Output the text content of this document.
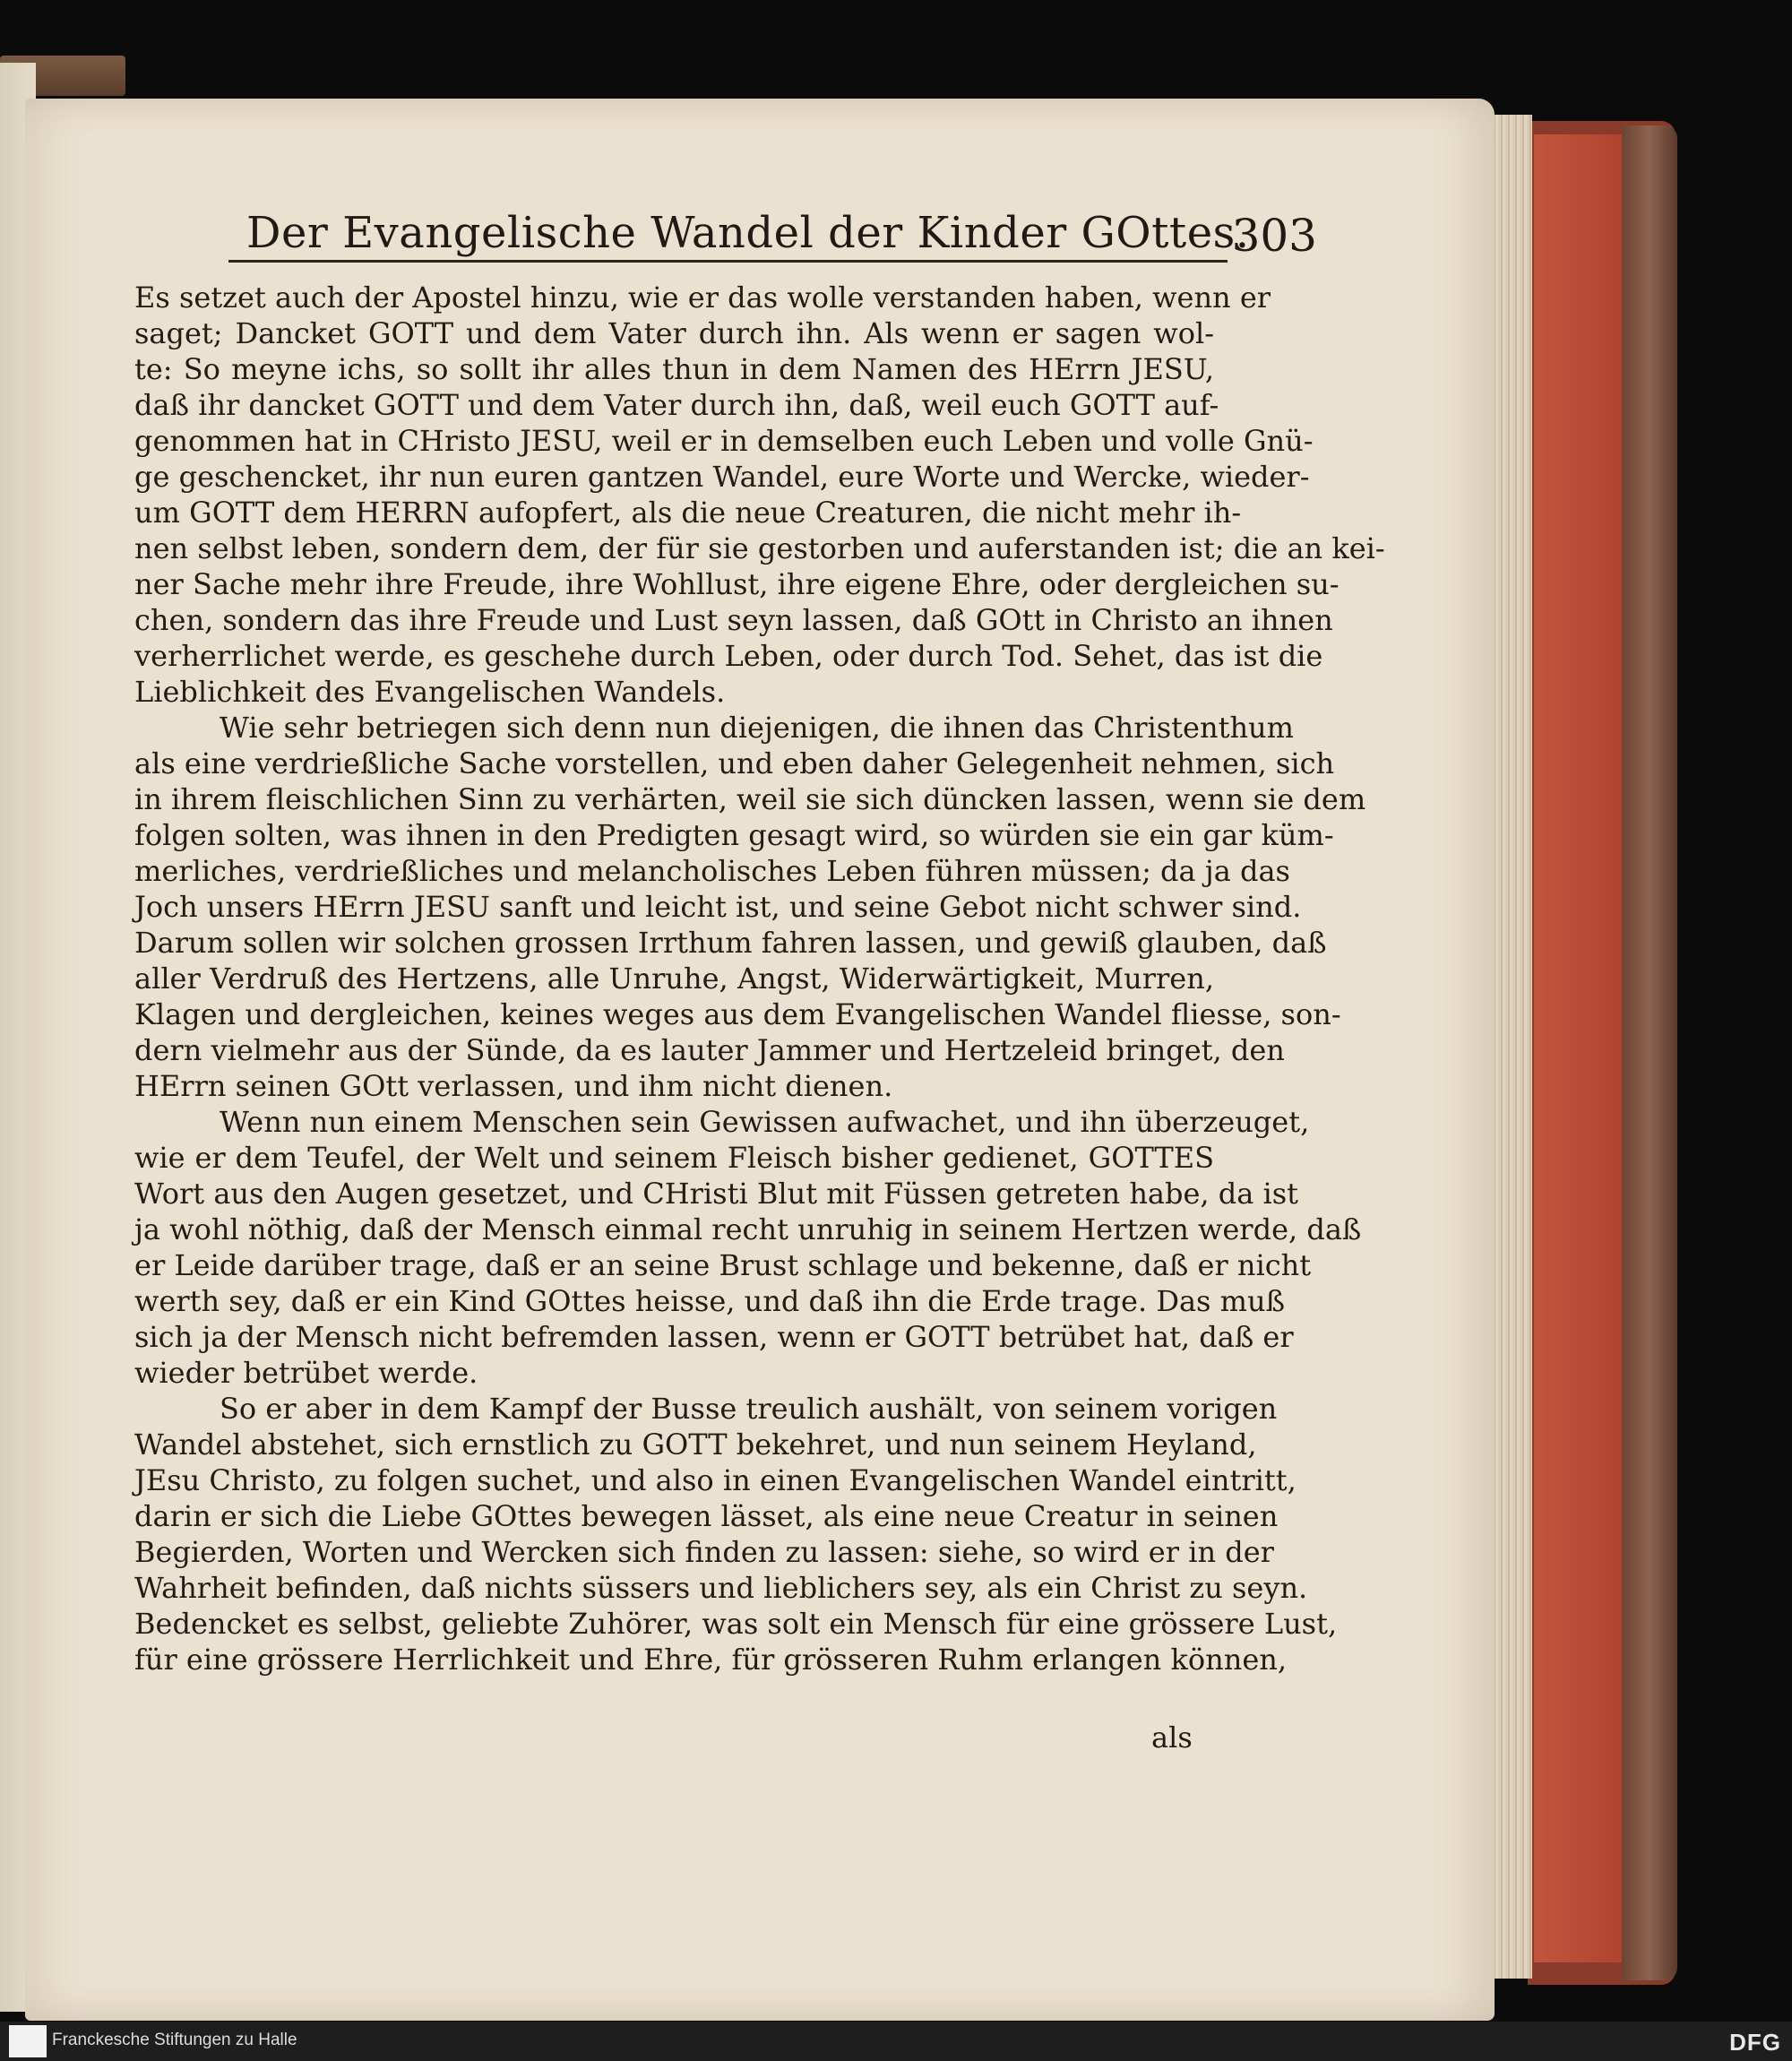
Der Evangelische Wandel der Kinder GOttes.
303
Es setzet auch der Apostel hinzu, wie er das wolle verstanden haben, wenn er
saget; Dancket GOTT und dem Vater durch ihn. Als wenn er sagen wol-
te: So meyne ichs, so sollt ihr alles thun in dem Namen des HErrn JESU,
daß ihr dancket GOTT und dem Vater durch ihn, daß, weil euch GOTT auf-
genommen hat in CHristo JESU, weil er in demselben euch Leben und volle Gnü-
ge geschencket, ihr nun euren gantzen Wandel, eure Worte und Wercke, wieder-
um GOTT dem HERRN aufopfert, als die neue Creaturen, die nicht mehr ih-
nen selbst leben, sondern dem, der für sie gestorben und auferstanden ist; die an kei-
ner Sache mehr ihre Freude, ihre Wohllust, ihre eigene Ehre, oder dergleichen su-
chen, sondern das ihre Freude und Lust seyn lassen, daß GOtt in Christo an ihnen
verherrlichet werde, es geschehe durch Leben, oder durch Tod. Sehet, das ist die
Lieblichkeit des Evangelischen Wandels.
Wie sehr betriegen sich denn nun diejenigen, die ihnen das Christenthum
als eine verdrießliche Sache vorstellen, und eben daher Gelegenheit nehmen, sich
in ihrem fleischlichen Sinn zu verhärten, weil sie sich düncken lassen, wenn sie dem
folgen solten, was ihnen in den Predigten gesagt wird, so würden sie ein gar küm-
merliches, verdrießliches und melancholisches Leben führen müssen; da ja das
Joch unsers HErrn JESU sanft und leicht ist, und seine Gebot nicht schwer sind.
Darum sollen wir solchen grossen Irrthum fahren lassen, und gewiß glauben, daß
aller Verdruß des Hertzens, alle Unruhe, Angst, Widerwärtigkeit, Murren,
Klagen und dergleichen, keines weges aus dem Evangelischen Wandel fliesse, son-
dern vielmehr aus der Sünde, da es lauter Jammer und Hertzeleid bringet, den
HErrn seinen GOtt verlassen, und ihm nicht dienen.
Wenn nun einem Menschen sein Gewissen aufwachet, und ihn überzeuget,
wie er dem Teufel, der Welt und seinem Fleisch bisher gedienet, GOTTES
Wort aus den Augen gesetzet, und CHristi Blut mit Füssen getreten habe, da ist
ja wohl nöthig, daß der Mensch einmal recht unruhig in seinem Hertzen werde, daß
er Leide darüber trage, daß er an seine Brust schlage und bekenne, daß er nicht
werth sey, daß er ein Kind GOttes heisse, und daß ihn die Erde trage. Das muß
sich ja der Mensch nicht befremden lassen, wenn er GOTT betrübet hat, daß er
wieder betrübet werde.
So er aber in dem Kampf der Busse treulich aushält, von seinem vorigen
Wandel abstehet, sich ernstlich zu GOTT bekehret, und nun seinem Heyland,
JEsu Christo, zu folgen suchet, und also in einen Evangelischen Wandel eintritt,
darin er sich die Liebe GOttes bewegen lässet, als eine neue Creatur in seinen
Begierden, Worten und Wercken sich finden zu lassen: siehe, so wird er in der
Wahrheit befinden, daß nichts süssers und lieblichers sey, als ein Christ zu seyn.
Bedencket es selbst, geliebte Zuhörer, was solt ein Mensch für eine grössere Lust,
für eine grössere Herrlichkeit und Ehre, für grösseren Ruhm erlangen können,
als
Franckesche Stiftungen zu Halle	DFG
